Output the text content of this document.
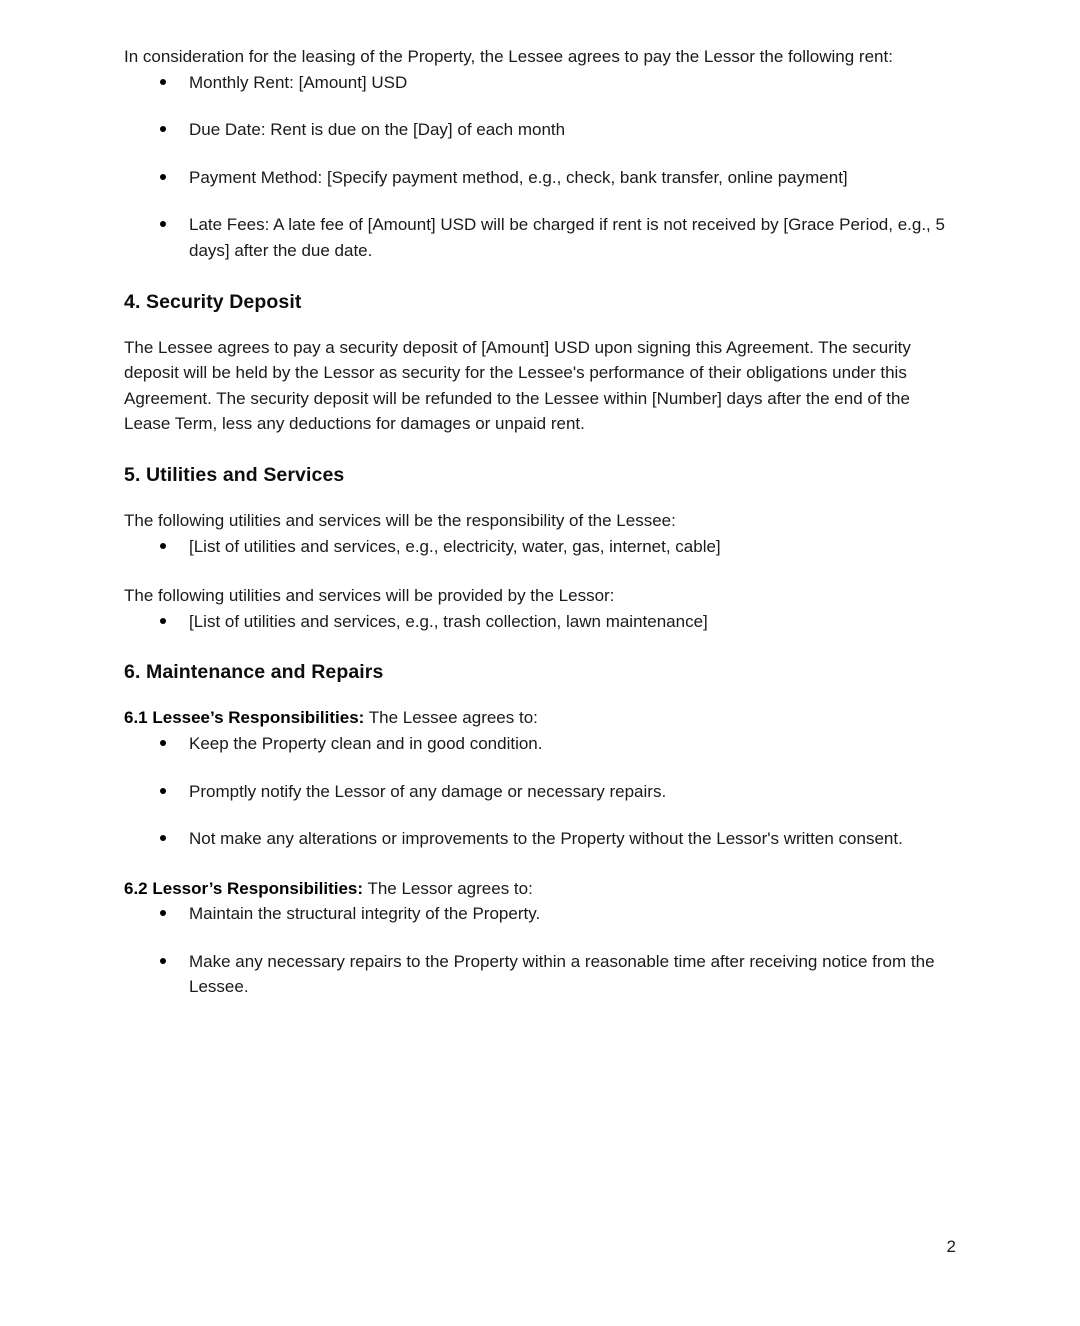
In consideration for the leasing of the Property, the Lessee agrees to pay the Lessor the following rent:

Monthly Rent: [Amount] USD
Due Date: Rent is due on the [Day] of each month
Payment Method: [Specify payment method, e.g., check, bank transfer, online payment]
Late Fees: A late fee of [Amount] USD will be charged if rent is not received by [Grace Period, e.g., 5 days] after the due date.
4. Security Deposit

The Lessee agrees to pay a security deposit of [Amount] USD upon signing this Agreement. The security deposit will be held by the Lessor as security for the Lessee's performance of their obligations under this Agreement. The security deposit will be refunded to the Lessee within [Number] days after the end of the Lease Term, less any deductions for damages or unpaid rent.

5. Utilities and Services

The following utilities and services will be the responsibility of the Lessee:

[List of utilities and services, e.g., electricity, water, gas, internet, cable]

The following utilities and services will be provided by the Lessor:

[List of utilities and services, e.g., trash collection, lawn maintenance]
6. Maintenance and Repairs

6.1 Lessee’s Responsibilities: The Lessee agrees to:

Keep the Property clean and in good condition.
Promptly notify the Lessor of any damage or necessary repairs.
Not make any alterations or improvements to the Property without the Lessor's written consent.

6.2 Lessor’s Responsibilities: The Lessor agrees to:

Maintain the structural integrity of the Property.
Make any necessary repairs to the Property within a reasonable time after receiving notice from the Lessee.
2
